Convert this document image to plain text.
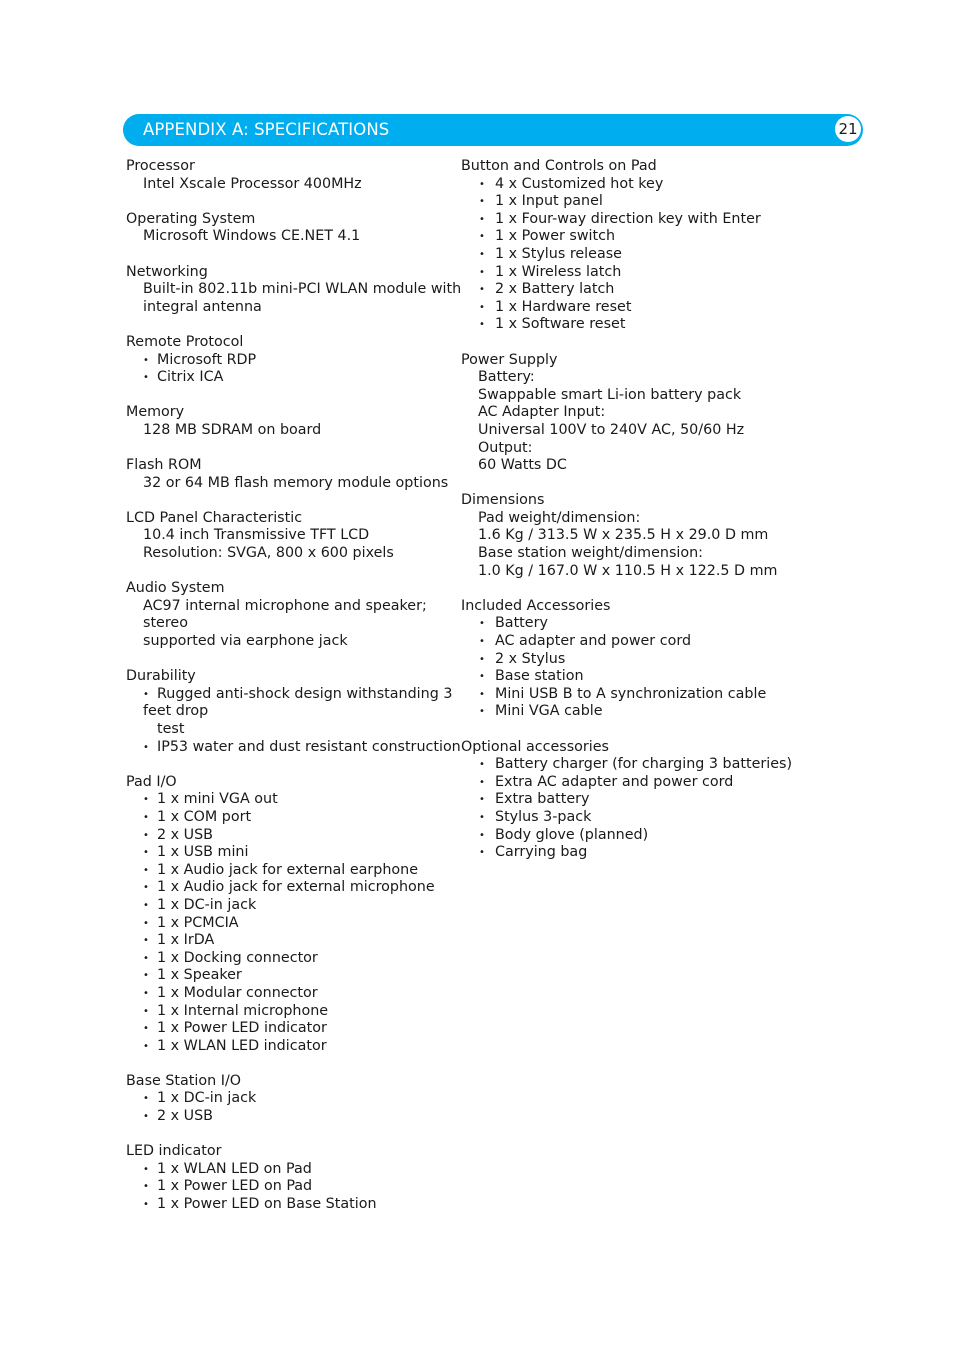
APPENDIX A: SPECIFICATIONS	21
Processor
Intel Xscale Processor 400MHz
Operating System
Microsoft Windows CE.NET 4.1
Networking
Built-in 802.11b mini-PCI WLAN module with
integral antenna
Remote Protocol
• Microsoft RDP
• Citrix ICA
Memory
128 MB SDRAM on board
Flash ROM
32 or 64 MB flash memory module options
LCD Panel Characteristic
10.4 inch Transmissive TFT LCD
Resolution: SVGA, 800 x 600 pixels
Audio System
AC97 internal microphone and speaker;
stereo
supported via earphone jack
Durability
• Rugged anti-shock design withstanding 3
feet drop
test
• IP53 water and dust resistant construction
Pad I/O
• 1 x mini VGA out
• 1 x COM port
• 2 x USB
• 1 x USB mini
• 1 x Audio jack for external earphone
• 1 x Audio jack for external microphone
• 1 x DC-in jack
• 1 x PCMCIA
• 1 x IrDA
• 1 x Docking connector
• 1 x Speaker
• 1 x Modular connector
• 1 x Internal microphone
• 1 x Power LED indicator
• 1 x WLAN LED indicator
Base Station I/O
• 1 x DC-in jack
• 2 x USB
LED indicator
• 1 x WLAN LED on Pad
• 1 x Power LED on Pad
• 1 x Power LED on Base Station
Button and Controls on Pad
• 4 x Customized hot key
• 1 x Input panel
• 1 x Four-way direction key with Enter
• 1 x Power switch
• 1 x Stylus release
• 1 x Wireless latch
• 2 x Battery latch
• 1 x Hardware reset
• 1 x Software reset
Power Supply
Battery:
Swappable smart Li-ion battery pack
AC Adapter Input:
Universal 100V to 240V AC, 50/60 Hz
Output:
60 Watts DC
Dimensions
Pad weight/dimension:
1.6 Kg / 313.5 W x 235.5 H x 29.0 D mm
Base station weight/dimension:
1.0 Kg / 167.0 W x 110.5 H x 122.5 D mm
Included Accessories
• Battery
• AC adapter and power cord
• 2 x Stylus
• Base station
• Mini USB B to A synchronization cable
• Mini VGA cable
Optional accessories
• Battery charger (for charging 3 batteries)
• Extra AC adapter and power cord
• Extra battery
• Stylus 3-pack
• Body glove (planned)
• Carrying bag
